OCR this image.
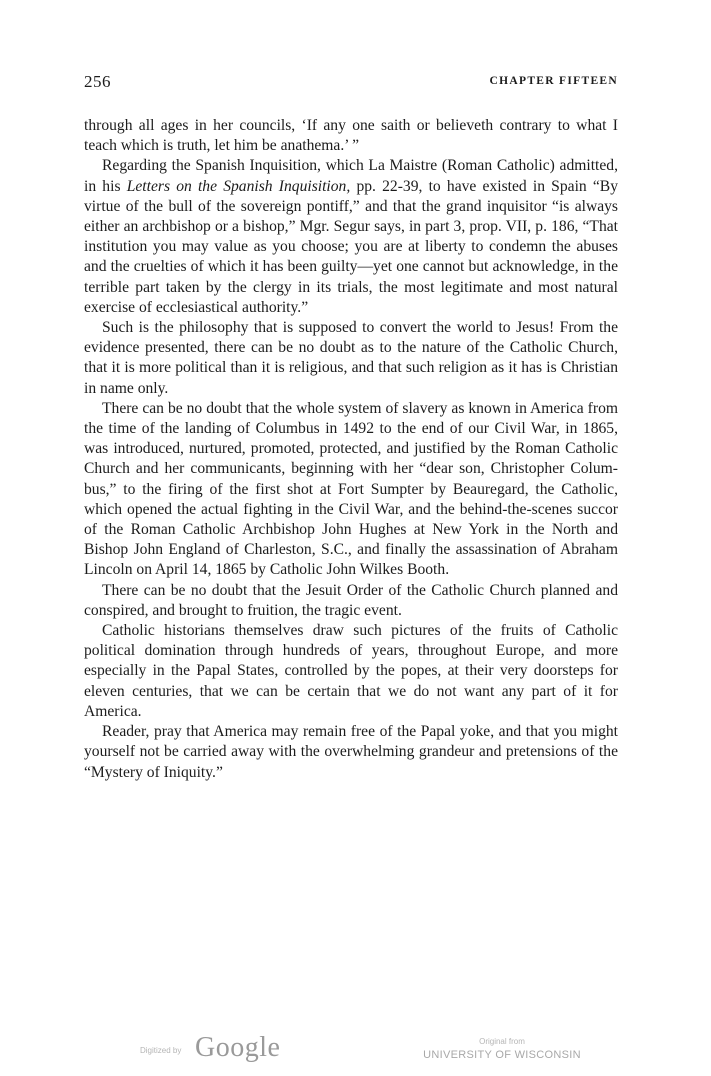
256	CHAPTER FIFTEEN

through all ages in her councils, ‘If any one saith or believeth contrary to what I teach which is truth, let him be anathema.’ ”

Regarding the Spanish Inquisition, which La Maistre (Roman Catholic) admitted, in his Letters on the Spanish Inquisition, pp. 22-39, to have existed in Spain “By virtue of the bull of the sovereign pontiff,” and that the grand inquisitor “is always either an archbishop or a bishop,” Mgr. Segur says, in part 3, prop. VII, p. 186, “That institution you may value as you choose; you are at liberty to condemn the abuses and the cruelties of which it has been guilty—yet one cannot but acknowledge, in the terrible part taken by the clergy in its trials, the most legitimate and most natural exercise of ecclesiastical authority.”

Such is the philosophy that is supposed to convert the world to Jesus! From the evidence presented, there can be no doubt as to the nature of the Catholic Church, that it is more political than it is religious, and that such religion as it has is Christian in name only.

There can be no doubt that the whole system of slavery as known in America from the time of the landing of Columbus in 1492 to the end of our Civil War, in 1865, was introduced, nurtured, promoted, protected, and justified by the Roman Catholic Church and her communicants, beginning with her “dear son, Christopher Columbus,” to the firing of the first shot at Fort Sumpter by Beauregard, the Catholic, which opened the actual fighting in the Civil War, and the behind-the-scenes succor of the Roman Catholic Archbishop John Hughes at New York in the North and Bishop John England of Charleston, S.C., and finally the assassination of Abraham Lincoln on April 14, 1865 by Catholic John Wilkes Booth.

There can be no doubt that the Jesuit Order of the Catholic Church planned and conspired, and brought to fruition, the tragic event.

Catholic historians themselves draw such pictures of the fruits of Catholic political domination through hundreds of years, throughout Europe, and more especially in the Papal States, controlled by the popes, at their very doorsteps for eleven centuries, that we can be certain that we do not want any part of it for America.

Reader, pray that America may remain free of the Papal yoke, and that you might yourself not be carried away with the overwhelming grandeur and pretensions of the “Mystery of Iniquity.”

Digitized by Google	Original from
UNIVERSITY OF WISCONSIN
